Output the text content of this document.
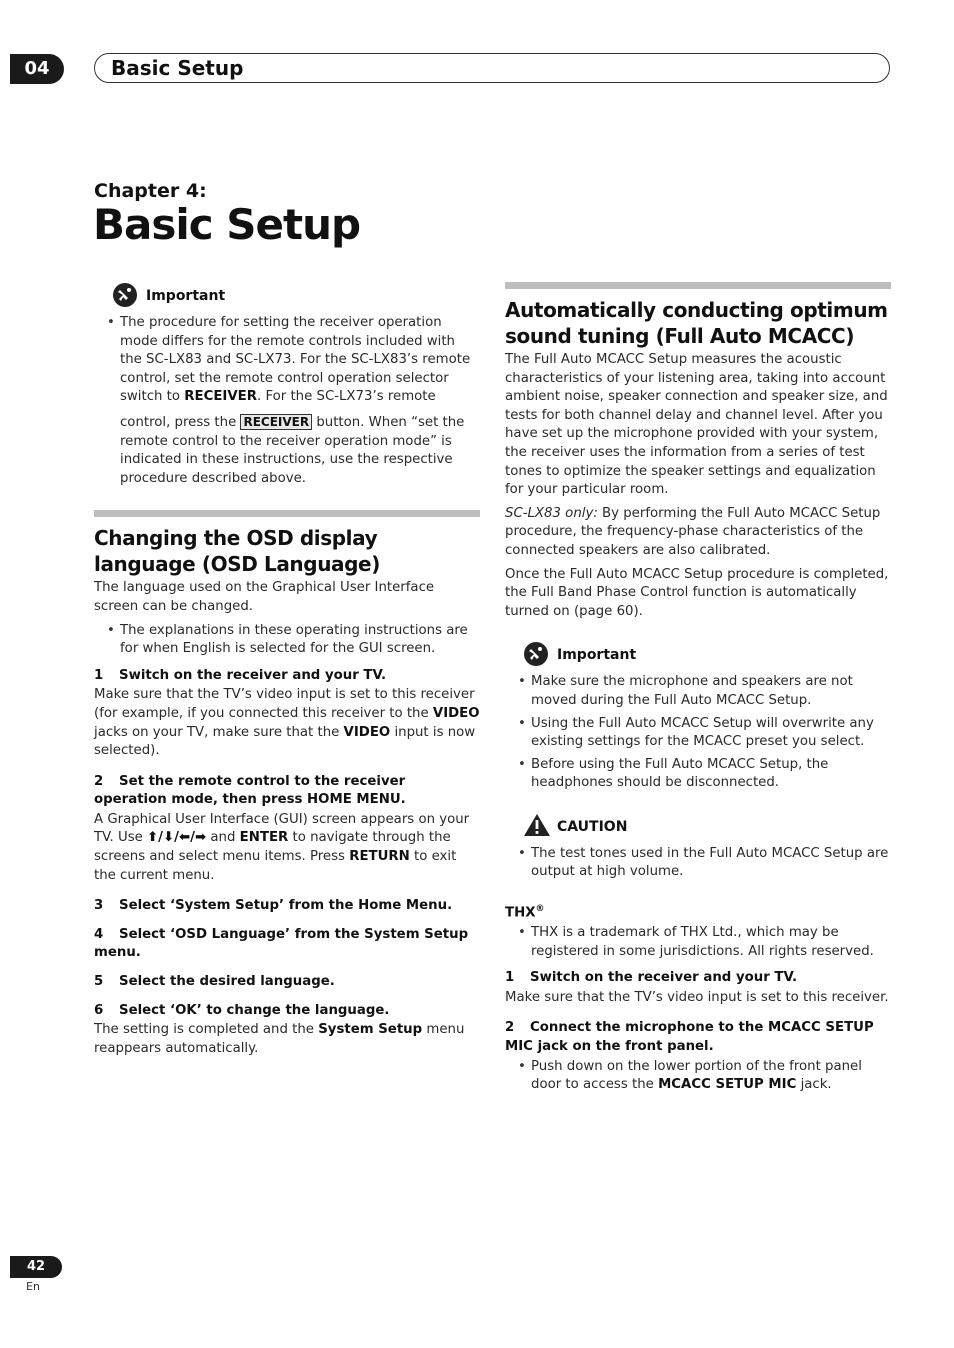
04	Basic Setup
Chapter 4:
Basic Setup
Important
• The procedure for setting the receiver operation mode differs for the remote controls included with the SC-LX83 and SC-LX73. For the SC-LX83’s remote control, set the remote control operation selector switch to RECEIVER. For the SC-LX73’s remote
control, press the RECEIVER button. When “set the remote control to the receiver operation mode” is indicated in these instructions, use the respective procedure described above.
Changing the OSD display language (OSD Language)

The language used on the Graphical User Interface screen can be changed.

• The explanations in these operating instructions are for when English is selected for the GUI screen.
1 Switch on the receiver and your TV.

Make sure that the TV’s video input is set to this receiver (for example, if you connected this receiver to the VIDEO jacks on your TV, make sure that the VIDEO input is now selected).

2 Set the remote control to the receiver operation mode, then press HOME MENU.

A Graphical User Interface (GUI) screen appears on your TV. Use ⬆/⬇/⬅/➡ and ENTER to navigate through the screens and select menu items. Press RETURN to exit the current menu.

3 Select ‘System Setup’ from the Home Menu.
4 Select ‘OSD Language’ from the System Setup menu.
5 Select the desired language.
6 Select ‘OK’ to change the language.

The setting is completed and the System Setup menu reappears automatically.

Automatically conducting optimum sound tuning (Full Auto MCACC)

The Full Auto MCACC Setup measures the acoustic characteristics of your listening area, taking into account ambient noise, speaker connection and speaker size, and tests for both channel delay and channel level. After you have set up the microphone provided with your system, the receiver uses the information from a series of test tones to optimize the speaker settings and equalization for your particular room.

SC-LX83 only: By performing the Full Auto MCACC Setup procedure, the frequency-phase characteristics of the connected speakers are also calibrated.

Once the Full Auto MCACC Setup procedure is completed, the Full Band Phase Control function is automatically turned on (page 60).

Important
• Make sure the microphone and speakers are not moved during the Full Auto MCACC Setup.
• Using the Full Auto MCACC Setup will overwrite any existing settings for the MCACC preset you select.
• Before using the Full Auto MCACC Setup, the headphones should be disconnected.
CAUTION
• The test tones used in the Full Auto MCACC Setup are output at high volume.
THX®
• THX is a trademark of THX Ltd., which may be registered in some jurisdictions. All rights reserved.
1 Switch on the receiver and your TV.

Make sure that the TV’s video input is set to this receiver.

2 Connect the microphone to the MCACC SETUP MIC jack on the front panel.
• Push down on the lower portion of the front panel door to access the MCACC SETUP MIC jack.
42
En
